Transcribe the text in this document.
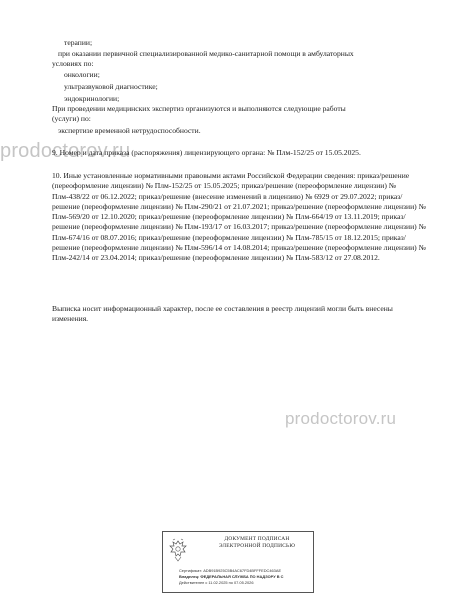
терапии;
при оказании первичной специализированной медико-санитарной помощи в амбулаторных
условиях по:
онкологии;
ультразвуковой диагностике;
эндокринологии;
При проведении медицинских экспертиз организуются и выполняются следующие работы
(услуги) по:
экспертизе временной нетрудоспособности.
prodoctorov.ru
9. Номер и дата приказа (распоряжения) лицензирующего органа: № Плм-152/25 от 15.05.2025.
10. Иные установленные нормативными правовыми актами Российской Федерации сведения: приказ/решение (переоформление лицензии) № Плм-152/25 от 15.05.2025; приказ/решение (переоформление лицензии) № Плм-438/22 от 06.12.2022; приказ/решение (внесение изменений в лицензию) № 6929 от 29.07.2022; приказ/решение (переоформление лицензии) № Плм-290/21 от 21.07.2021; приказ/решение (переоформление лицензии) № Плм-569/20 от 12.10.2020; приказ/решение (переоформление лицензии) № Плм-664/19 от 13.11.2019; приказ/решение (переоформление лицензии) № Плм-193/17 от 16.03.2017; приказ/решение (переоформление лицензии) № Плм-674/16 от 08.07.2016; приказ/решение (переоформление лицензии) № Плм-785/15 от 18.12.2015; приказ/решение (переоформление лицензии) № Плм-596/14 от 14.08.2014; приказ/решение (переоформление лицензии) № Плм-242/14 от 23.04.2014; приказ/решение (переоформление лицензии) № Плм-583/12 от 27.08.2012.
Выписка носит информационный характер, после ее составления в реестр лицензий могли быть внесены изменения.
prodoctorov.ru
ДОКУМЕНТ ПОДПИСАН
ЭЛЕКТРОННОЙ ПОДПИСЬЮ
Сертификат: ADB91B925C5B4AC67FD4BFFFEDC463AE
Владелец: ФЕДЕРАЛЬНАЯ СЛУЖБА ПО НАДЗОРУ В С
Действителен с 11.02.2025 по 07.05.2026
